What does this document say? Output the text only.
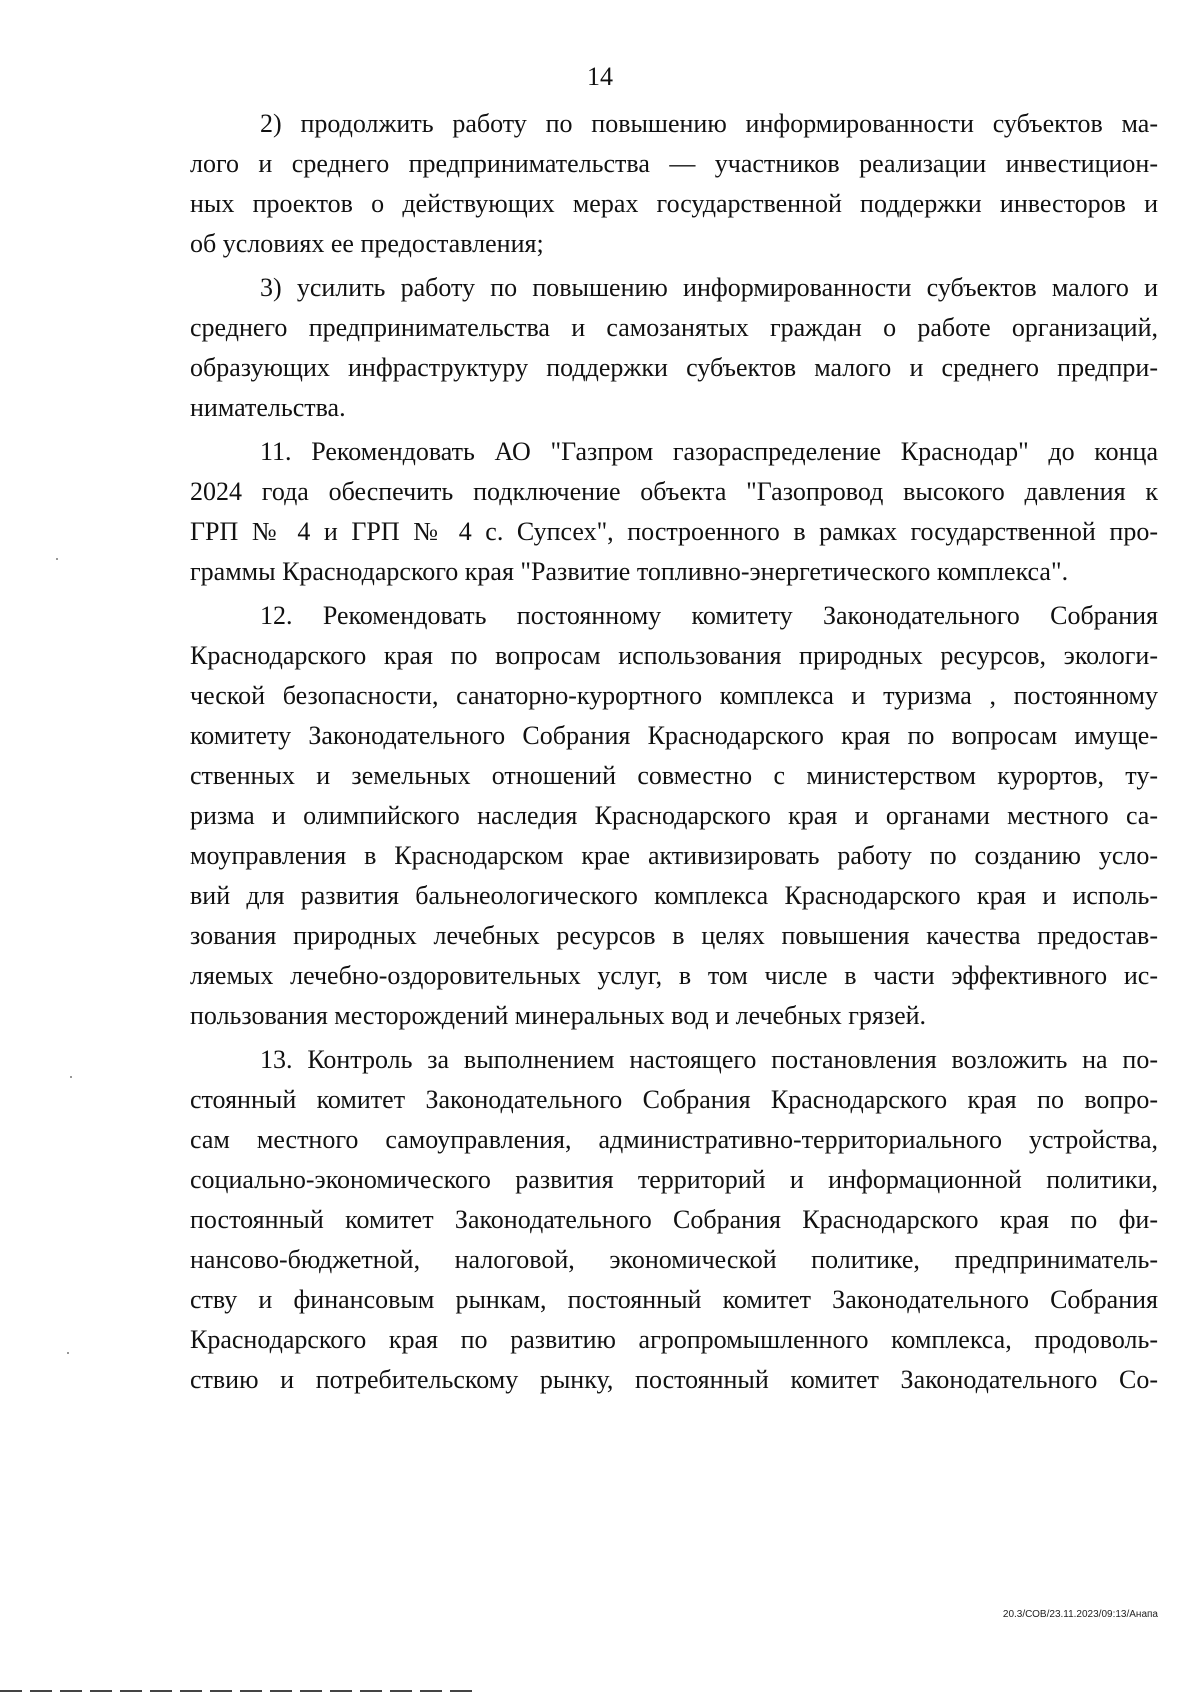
14
2) продолжить работу по повышению информированности субъектов ма-
лого и среднего предпринимательства — участников реализации инвестицион-
ных проектов о действующих мерах государственной поддержки инвесторов и
об условиях ее предоставления;
3) усилить работу по повышению информированности субъектов малого и
среднего предпринимательства и самозанятых граждан о работе организаций,
образующих инфраструктуру поддержки субъектов малого и среднего предпри-
нимательства.
11. Рекомендовать АО "Газпром газораспределение Краснодар" до конца
2024 года обеспечить подключение объекта "Газопровод высокого давления к
ГРП № 4 и ГРП № 4 с. Супсех", построенного в рамках государственной про-
граммы Краснодарского края "Развитие топливно-энергетического комплекса".
12. Рекомендовать постоянному комитету Законодательного Собрания
Краснодарского края по вопросам использования природных ресурсов, экологи-
ческой безопасности, санаторно-курортного комплекса и туризма , постоянному
комитету Законодательного Собрания Краснодарского края по вопросам имуще-
ственных и земельных отношений совместно с министерством курортов, ту-
ризма и олимпийского наследия Краснодарского края и органами местного са-
моуправления в Краснодарском крае активизировать работу по созданию усло-
вий для развития бальнеологического комплекса Краснодарского края и исполь-
зования природных лечебных ресурсов в целях повышения качества предостав-
ляемых лечебно-оздоровительных услуг, в том числе в части эффективного ис-
пользования месторождений минеральных вод и лечебных грязей.
13. Контроль за выполнением настоящего постановления возложить на по-
стоянный комитет Законодательного Собрания Краснодарского края по вопро-
сам местного самоуправления, административно-территориального устройства,
социально-экономического развития территорий и информационной политики,
постоянный комитет Законодательного Собрания Краснодарского края по фи-
нансово-бюджетной, налоговой, экономической политике, предприниматель-
ству и финансовым рынкам, постоянный комитет Законодательного Собрания
Краснодарского края по развитию агропромышленного комплекса, продоволь-
ствию и потребительскому рынку, постоянный комитет Законодательного Со-
20.3/СОВ/23.11.2023/09:13/Анапа
